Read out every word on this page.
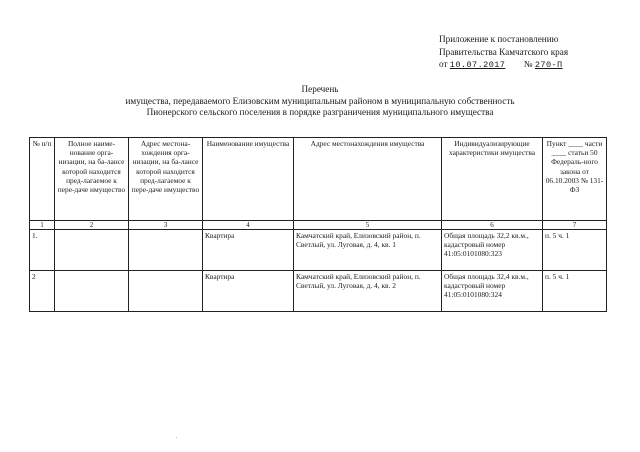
Приложение к постановлению
Правительства Камчатского края
от 10.07.2017 № 270-П
Перечень
имущества, передаваемого Елизовским муниципальным районом в муниципальную собственность
Пионерского сельского поселения в порядке разграничения муниципального имущества
№ п/п	Полное наиме-нование орга-низации, на ба-лансе которой находится пред-лагаемое к пере-даче имущество	Адрес местона-хождения орга-низации, на ба-лансе которой находится пред-лагаемое к пере-даче имущество	Наименование имущества	Адрес местонахождения имущества	Индивидуализирующие характеристики имущества	Пункт ____ части ____ статьи 50 Федераль-ного закона от 06.10.2003 № 131-ФЗ
1	2	3	4	5	6	7
1.			Квартира	Камчатский край, Елизовский район, п. Светлый, ул. Луговая, д. 4, кв. 1	Общая площадь 32,2 кв.м., кадастровый номер 41:05:0101080:323	п. 5 ч. 1
2			Квартира	Камчатский край, Елизовский район, п. Светлый, ул. Луговая, д. 4, кв. 2	Общая площадь 32,4 кв.м., кадастровый номер 41:05:0101080:324	п. 5 ч. 1
